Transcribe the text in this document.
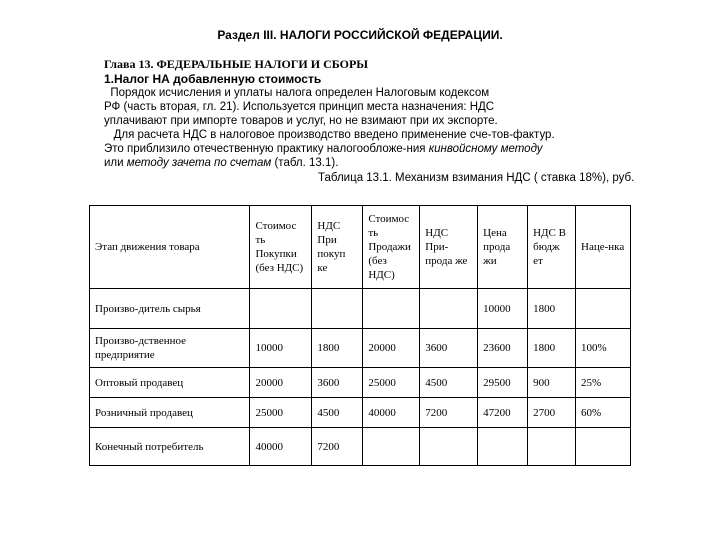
Раздел III. НАЛОГИ РОССИЙСКОЙ ФЕДЕРАЦИИ.
Глава 13. ФЕДЕРАЛЬНЫЕ НАЛОГИ И СБОРЫ
1.Налог НА добавленную стоимость
Порядок исчисления и уплаты налога определен Налоговым кодексом
РФ (часть вторая, гл. 21). Используется принцип места назначения: НДС
уплачивают при импорте товаров и услуг, но не взимают при их экспорте.
Для расчета НДС в налоговое производство введено применение сче-тов-фактур.
Это приблизило отечественную практику налогообложе-ния кинвойсному методу
или методу зачета по счетам (табл. 13.1).
Таблица 13.1. Механизм взимания НДС ( ставка 18%), руб.
Этап движения товара	Стоимос ть Покупки (без НДС)	НДС При покуп ке	Стоимос ть Продажи (без НДС)	НДС При-прода же	Цена прода жи	НДС В бюдж ет	Наце-нка
Произво-дитель сырья					10000	1800	
Произво-дственное предприятие	10000	1800	20000	3600	23600	1800	100%
Оптовый продавец	20000	3600	25000	4500	29500	900	25%
Розничный продавец	25000	4500	40000	7200	47200	2700	60%
Конечный потребитель	40000	7200					
